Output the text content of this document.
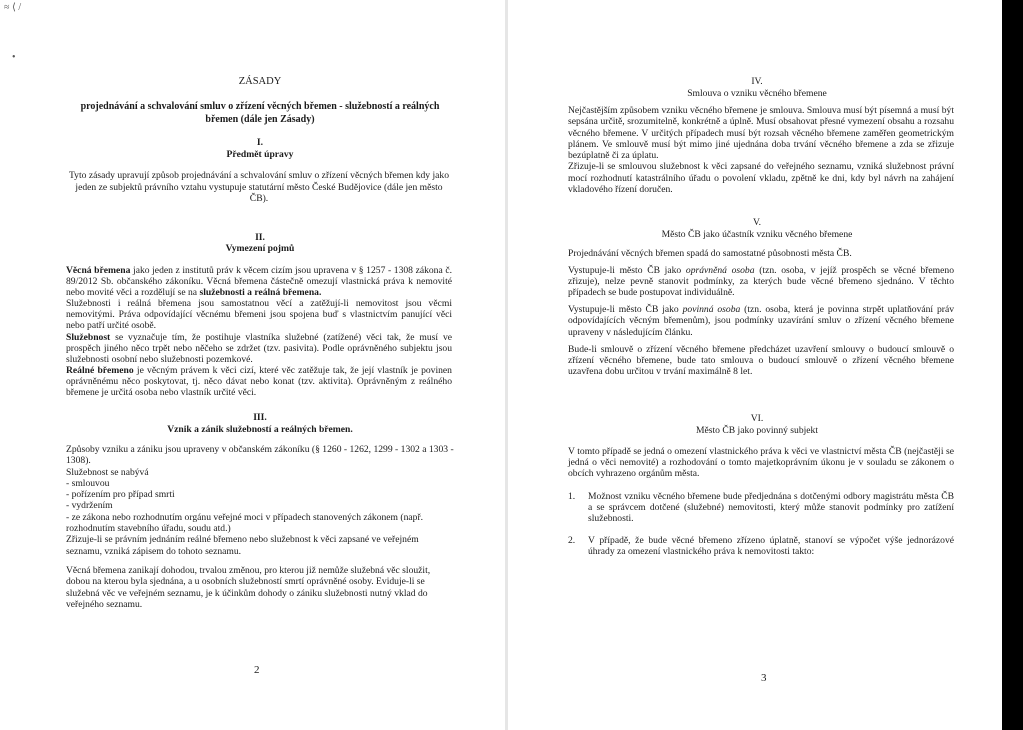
≈ ⟨ /
•
ZÁSADY
projednávání a schvalování smluv o zřízení věcných břemen - služebností a reálných břemen (dále jen Zásady)
I.
Předmět úpravy
Tyto zásady upravují způsob projednávání a schvalování smluv o zřízení věcných břemen kdy jako jeden ze subjektů právního vztahu vystupuje statutární město České Budějovice (dále jen město ČB).
II.
Vymezení pojmů

Věcná břemena jako jeden z institutů práv k věcem cizím jsou upravena v § 1257 - 1308 zákona č. 89/2012 Sb. občanského zákoníku. Věcná břemena částečně omezují vlastnická práva k nemovité nebo movité věci a rozdělují se na služebnosti a reálná břemena.

Služebnosti i reálná břemena jsou samostatnou věcí a zatěžují-li nemovitost jsou věcmi nemovitými. Práva odpovídající věcnému břemeni jsou spojena buď s vlastnictvím panující věci nebo patří určité osobě.

Služebnost se vyznačuje tím, že postihuje vlastníka služebné (zatížené) věci tak, že musí ve prospěch jiného něco trpět nebo něčeho se zdržet (tzv. pasivita). Podle oprávněného subjektu jsou služebnosti osobní nebo služebnosti pozemkové.

Reálné břemeno je věcným právem k věci cizí, které věc zatěžuje tak, že její vlastník je povinen oprávněnému něco poskytovat, tj. něco dávat nebo konat (tzv. aktivita). Oprávněným z reálného břemene je určitá osoba nebo vlastník určité věci.

III.
Vznik a zánik služebností a reálných břemen.

Způsoby vzniku a zániku jsou upraveny v občanském zákoníku (§ 1260 - 1262, 1299 - 1302 a 1303 - 1308).

Služebnost se nabývá

- smlouvou
- pořízením pro případ smrti
- vydržením
- ze zákona nebo rozhodnutím orgánu veřejné moci v případech stanovených zákonem (např. rozhodnutím stavebního úřadu, soudu atd.)

Zřizuje-li se právním jednáním reálné břemeno nebo služebnost k věci zapsané ve veřejném seznamu, vzniká zápisem do tohoto seznamu.

Věcná břemena zanikají dohodou, trvalou změnou, pro kterou již nemůže služebná věc sloužit, dobou na kterou byla sjednána, a u osobních služebností smrtí oprávněné osoby. Eviduje-li se služebná věc ve veřejném seznamu, je k účinkům dohody o zániku služebnosti nutný vklad do veřejného seznamu.

2
IV.
Smlouva o vzniku věcného břemene

Nejčastějším způsobem vzniku věcného břemene je smlouva. Smlouva musí být písemná a musí být sepsána určitě, srozumitelně, konkrétně a úplně. Musí obsahovat přesné vymezení obsahu a rozsahu věcného břemene. V určitých případech musí být rozsah věcného břemene zaměřen geometrickým plánem. Ve smlouvě musí být mimo jiné ujednána doba trvání věcného břemene a zda se zřizuje bezúplatně či za úplatu.

Zřizuje-li se smlouvou služebnost k věci zapsané do veřejného seznamu, vzniká služebnost právní mocí rozhodnutí katastrálního úřadu o povolení vkladu, zpětně ke dni, kdy byl návrh na zahájení vkladového řízení doručen.

V.
Město ČB jako účastník vzniku věcného břemene

Projednávání věcných břemen spadá do samostatné působnosti města ČB.

Vystupuje-li město ČB jako oprávněná osoba (tzn. osoba, v jejíž prospěch se věcné břemeno zřizuje), nelze pevně stanovit podmínky, za kterých bude věcné břemeno sjednáno. V těchto případech se bude postupovat individuálně.

Vystupuje-li město ČB jako povinná osoba (tzn. osoba, která je povinna strpět uplatňování práv odpovídajících věcným břemenům), jsou podmínky uzavírání smluv o zřízení věcného břemene upraveny v následujícím článku.

Bude-li smlouvě o zřízení věcného břemene předcházet uzavření smlouvy o budoucí smlouvě o zřízení věcného břemene, bude tato smlouva o budoucí smlouvě o zřízení věcného břemene uzavřena dobu určitou v trvání maximálně 8 let.

VI.
Město ČB jako povinný subjekt

V tomto případě se jedná o omezení vlastnického práva k věci ve vlastnictví města ČB (nejčastěji se jedná o věci nemovité) a rozhodování o tomto majetkoprávním úkonu je v souladu se zákonem o obcích vyhrazeno orgánům města.

1.	Možnost vzniku věcného břemene bude předjednána s dotčenými odbory magistrátu města ČB a se správcem dotčené (služebné) nemovitosti, který může stanovit podmínky pro zatížení služebnosti.
2.	V případě, že bude věcné břemeno zřízeno úplatně, stanoví se výpočet výše jednorázové úhrady za omezení vlastnického práva k nemovitosti takto:
3
